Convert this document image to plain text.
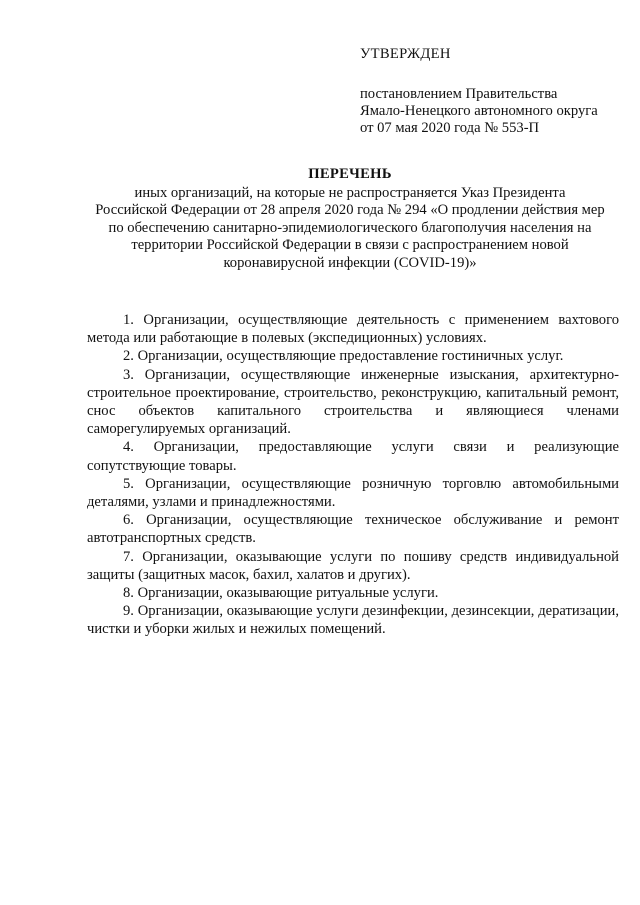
УТВЕРЖДЕН
постановлением Правительства
Ямало-Ненецкого автономного округа
от 07 мая 2020 года № 553-П
ПЕРЕЧЕНЬ
иных организаций, на которые не распространяется Указ Президента
Российской Федерации от 28 апреля 2020 года № 294 «О продлении действия мер
по обеспечению санитарно-эпидемиологического благополучия населения на
территории Российской Федерации в связи с распространением новой
коронавирусной инфекции (COVID-19)»

1. Организации, осуществляющие деятельность с применением вахтового метода или работающие в полевых (экспедиционных) условиях.

2. Организации, осуществляющие предоставление гостиничных услуг.

3. Организации, осуществляющие инженерные изыскания, архитектурно-строительное проектирование, строительство, реконструкцию, капитальный ремонт, снос объектов капитального строительства и являющиеся членами саморегулируемых организаций.

4. Организации, предоставляющие услуги связи и реализующие сопутствующие товары.

5. Организации, осуществляющие розничную торговлю автомобильными деталями, узлами и принадлежностями.

6. Организации, осуществляющие техническое обслуживание и ремонт автотранспортных средств.

7. Организации, оказывающие услуги по пошиву средств индивидуальной защиты (защитных масок, бахил, халатов и других).

8. Организации, оказывающие ритуальные услуги.

9. Организации, оказывающие услуги дезинфекции, дезинсекции, дератизации, чистки и уборки жилых и нежилых помещений.
